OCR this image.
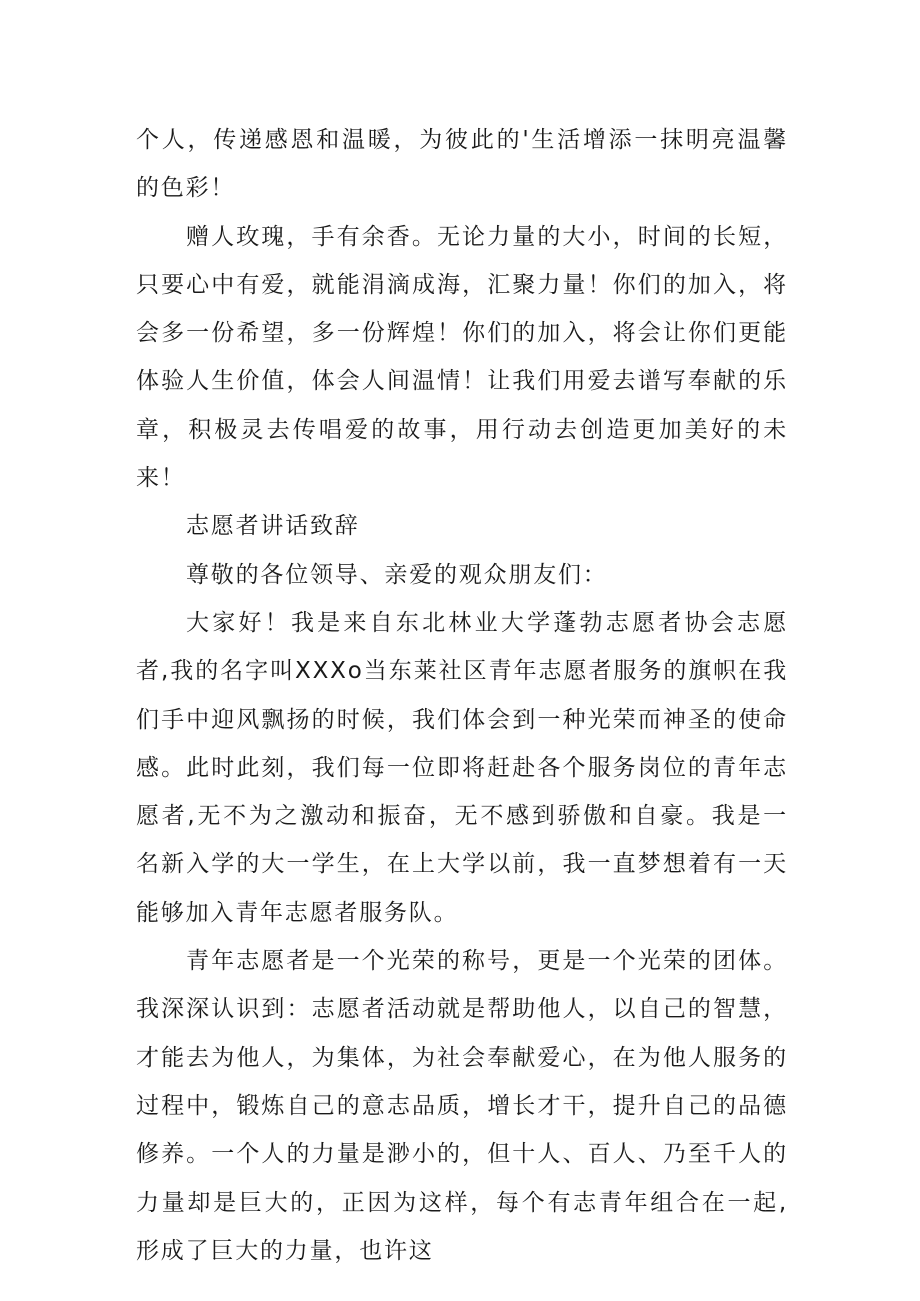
个人，传递感恩和温暖，为彼此的'生活增添一抹明亮温馨的色彩！

赠人玫瑰，手有余香。无论力量的大小，时间的长短，只要心中有爱，就能涓滴成海，汇聚力量！你们的加入，将会多一份希望，多一份辉煌！你们的加入，将会让你们更能体验人生价值，体会人间温情！让我们用爱去谱写奉献的乐章，积极灵去传唱爱的故事，用行动去创造更加美好的未来！

志愿者讲话致辞

尊敬的各位领导、亲爱的观众朋友们：

大家好！我是来自东北林业大学蓬勃志愿者协会志愿者,我的名字叫XXXo当东莱社区青年志愿者服务的旗帜在我们手中迎风飘扬的时候，我们体会到一种光荣而神圣的使命感。此时此刻，我们每一位即将赶赴各个服务岗位的青年志愿者,无不为之激动和振奋，无不感到骄傲和自豪。我是一名新入学的大一学生，在上大学以前，我一直梦想着有一天能够加入青年志愿者服务队。

青年志愿者是一个光荣的称号，更是一个光荣的团体。我深深认识到：志愿者活动就是帮助他人，以自己的智慧，才能去为他人，为集体，为社会奉献爱心，在为他人服务的过程中，锻炼自己的意志品质，增长才干，提升自己的品德修养。一个人的力量是渺小的，但十人、百人、乃至千人的力量却是巨大的，正因为这样，每个有志青年组合在一起,形成了巨大的力量，也许这
